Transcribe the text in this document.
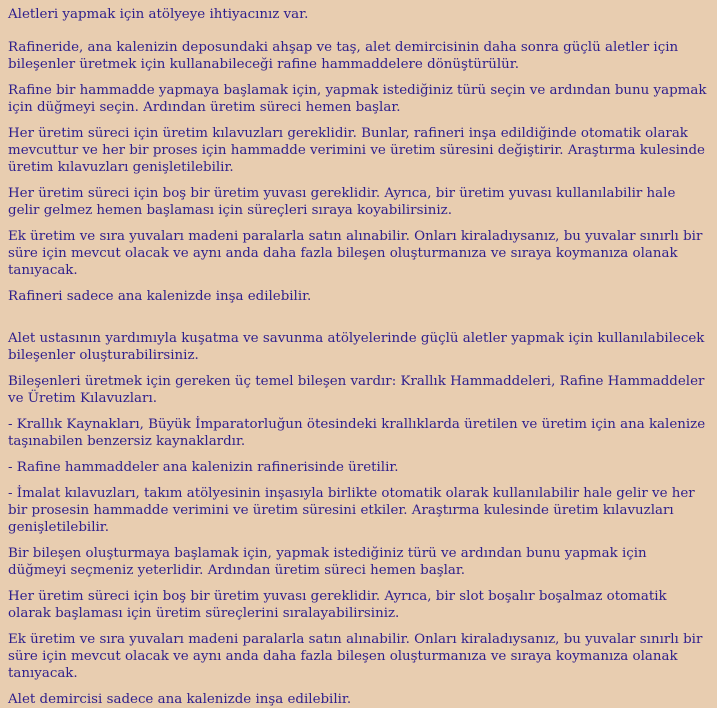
Aletleri yapmak için atölyeye ihtiyacınız var.

Rafineride, ana kalenizin deposundaki ahşap ve taş, alet demircisinin daha sonra güçlü aletler için bileşenler üretmek için kullanabileceği rafine hammaddelere dönüştürülür.

Rafine bir hammadde yapmaya başlamak için, yapmak istediğiniz türü seçin ve ardından bunu yapmak için düğmeyi seçin. Ardından üretim süreci hemen başlar.

Her üretim süreci için üretim kılavuzları gereklidir. Bunlar, rafineri inşa edildiğinde otomatik olarak mevcuttur ve her bir proses için hammadde verimini ve üretim süresini değiştirir. Araştırma kulesinde üretim kılavuzları genişletilebilir.

Her üretim süreci için boş bir üretim yuvası gereklidir. Ayrıca, bir üretim yuvası kullanılabilir hale gelir gelmez hemen başlaması için süreçleri sıraya koyabilirsiniz.

Ek üretim ve sıra yuvaları madeni paralarla satın alınabilir. Onları kiraladıysanız, bu yuvalar sınırlı bir süre için mevcut olacak ve aynı anda daha fazla bileşen oluşturmanıza ve sıraya koymanıza olanak tanıyacak.

Rafineri sadece ana kalenizde inşa edilebilir.

Alet ustasının yardımıyla kuşatma ve savunma atölyelerinde güçlü aletler yapmak için kullanılabilecek bileşenler oluşturabilirsiniz.

Bileşenleri üretmek için gereken üç temel bileşen vardır: Krallık Hammaddeleri, Rafine Hammaddeler ve Üretim Kılavuzları.

- Krallık Kaynakları, Büyük İmparatorluğun ötesindeki krallıklarda üretilen ve üretim için ana kalenize taşınabilen benzersiz kaynaklardır.

- Rafine hammaddeler ana kalenizin rafinerisinde üretilir.

- İmalat kılavuzları, takım atölyesinin inşasıyla birlikte otomatik olarak kullanılabilir hale gelir ve her bir prosesin hammadde verimini ve üretim süresini etkiler. Araştırma kulesinde üretim kılavuzları genişletilebilir.

Bir bileşen oluşturmaya başlamak için, yapmak istediğiniz türü ve ardından bunu yapmak için düğmeyi seçmeniz yeterlidir. Ardından üretim süreci hemen başlar.

Her üretim süreci için boş bir üretim yuvası gereklidir. Ayrıca, bir slot boşalır boşalmaz otomatik olarak başlaması için üretim süreçlerini sıralayabilirsiniz.

Ek üretim ve sıra yuvaları madeni paralarla satın alınabilir. Onları kiraladıysanız, bu yuvalar sınırlı bir süre için mevcut olacak ve aynı anda daha fazla bileşen oluşturmanıza ve sıraya koymanıza olanak tanıyacak.

Alet demircisi sadece ana kalenizde inşa edilebilir.
